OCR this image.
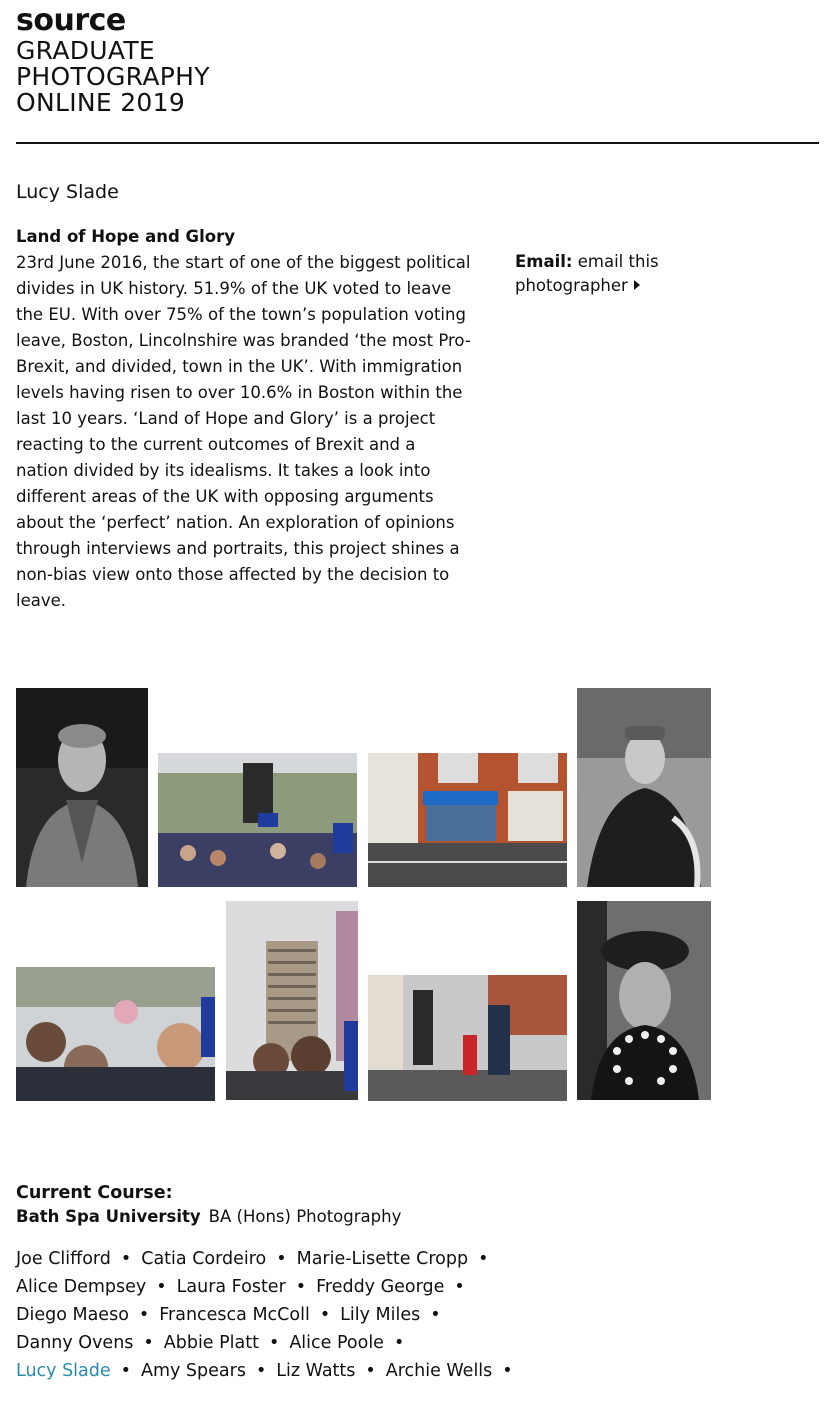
source
GRADUATE
PHOTOGRAPHY
ONLINE 2019
Lucy Slade
Land of Hope and Glory
23rd June 2016, the start of one of the biggest political divides in UK history. 51.9% of the UK voted to leave the EU. With over 75% of the town’s population voting leave, Boston, Lincolnshire was branded ‘the most Pro-Brexit, and divided, town in the UK’. With immigration levels having risen to over 10.6% in Boston within the last 10 years. ‘Land of Hope and Glory’ is a project reacting to the current outcomes of Brexit and a nation divided by its idealisms. It takes a look into different areas of the UK with opposing arguments about the ‘perfect’ nation. An exploration of opinions through interviews and portraits, this project shines a non-bias view onto those affected by the decision to leave.
Email: email this photographer
Current Course:
Bath Spa University BA (Hons) Photography
Joe Clifford • Catia Cordeiro • Marie-Lisette Cropp •
Alice Dempsey • Laura Foster • Freddy George •
Diego Maeso • Francesca McColl • Lily Miles •
Danny Ovens • Abbie Platt • Alice Poole •
Lucy Slade • Amy Spears • Liz Watts • Archie Wells •
